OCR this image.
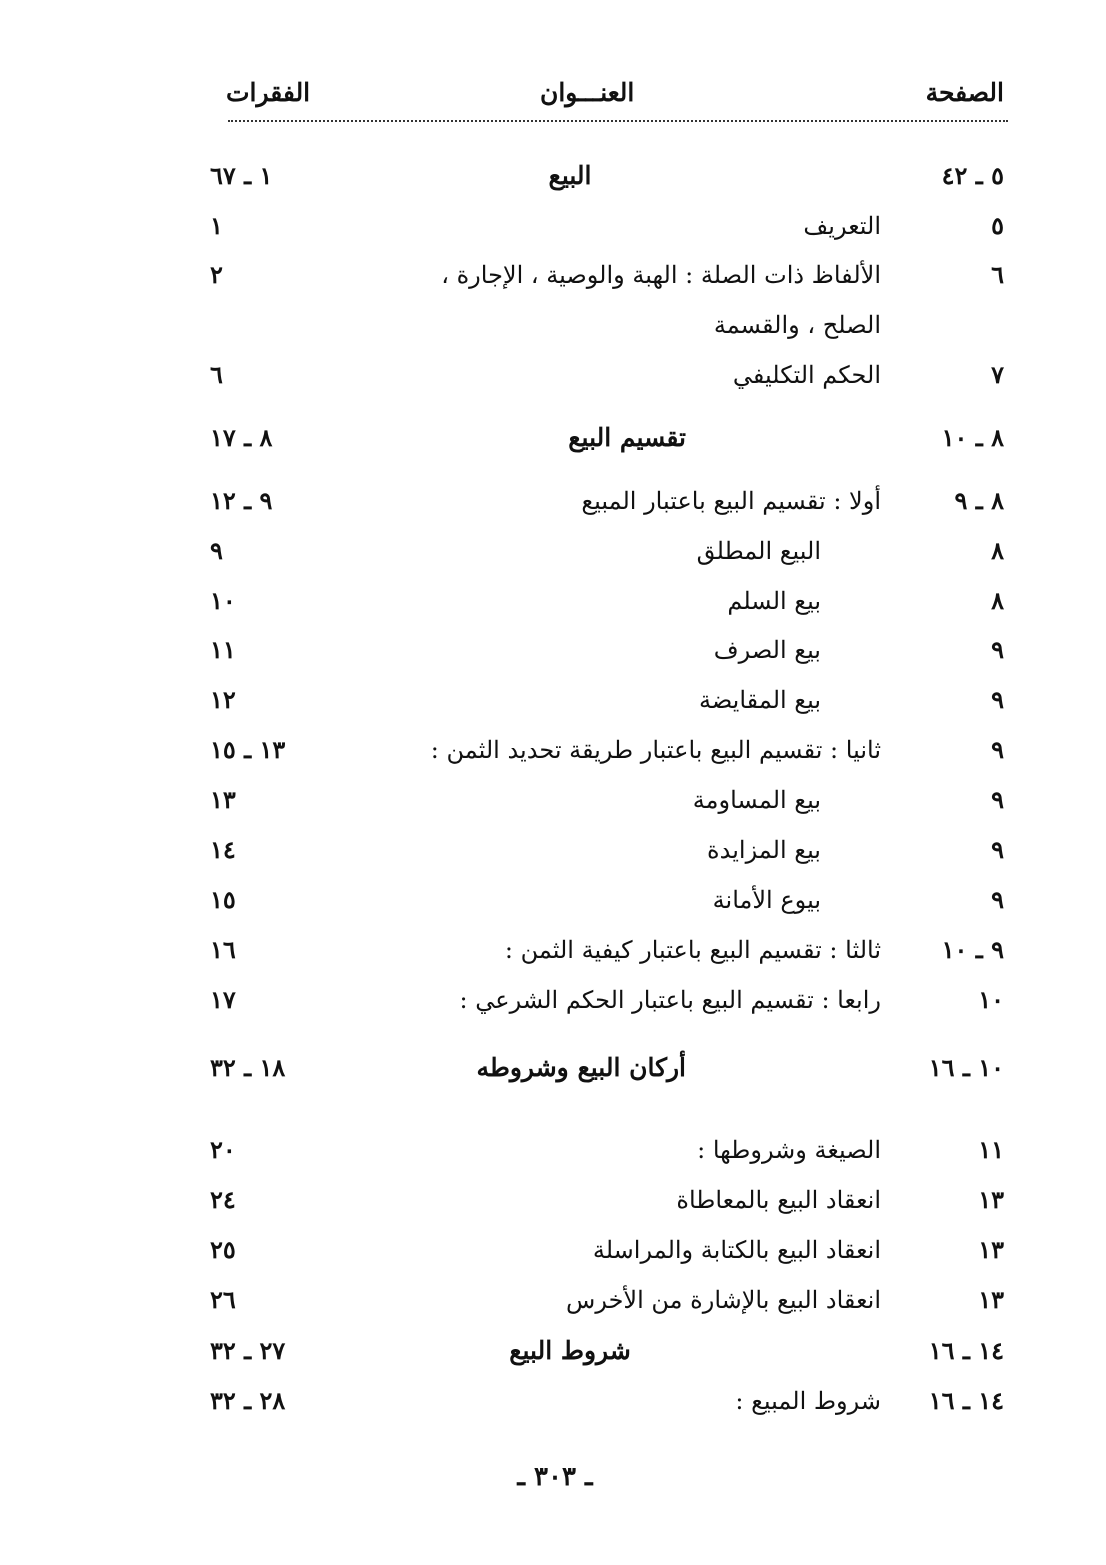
الصفحة
العنـــوان
الفقرات
٥ ـ ٤٢
البيع
١ ـ ٦٧
٥
التعريف
١
٦
الألفاظ ذات الصلة : الهبة والوصية ، الإجارة ،
٢
الصلح ، والقسمة
٧
الحكم التكليفي
٦
٨ ـ ١٠
تقسيم البيع
٨ ـ ١٧
٨ ـ ٩
أولا : تقسيم البيع باعتبار المبيع
٩ ـ ١٢
٨
البيع المطلق
٩
٨
بيع السلم
١٠
٩
بيع الصرف
١١
٩
بيع المقايضة
١٢
٩
ثانيا : تقسيم البيع باعتبار طريقة تحديد الثمن :
١٣ ـ ١٥
٩
بيع المساومة
١٣
٩
بيع المزايدة
١٤
٩
بيوع الأمانة
١٥
٩ ـ ١٠
ثالثا : تقسيم البيع باعتبار كيفية الثمن :
١٦
١٠
رابعا : تقسيم البيع باعتبار الحكم الشرعي :
١٧
١٠ ـ ١٦
أركان البيع وشروطه
١٨ ـ ٣٢
١١
الصيغة وشروطها :
٢٠
١٣
انعقاد البيع بالمعاطاة
٢٤
١٣
انعقاد البيع بالكتابة والمراسلة
٢٥
١٣
انعقاد البيع بالإشارة من الأخرس
٢٦
١٤ ـ ١٦
شروط البيع
٢٧ ـ ٣٢
١٤ ـ ١٦
شروط المبيع :
٢٨ ـ ٣٢
ـ ٣٠٣ ـ
